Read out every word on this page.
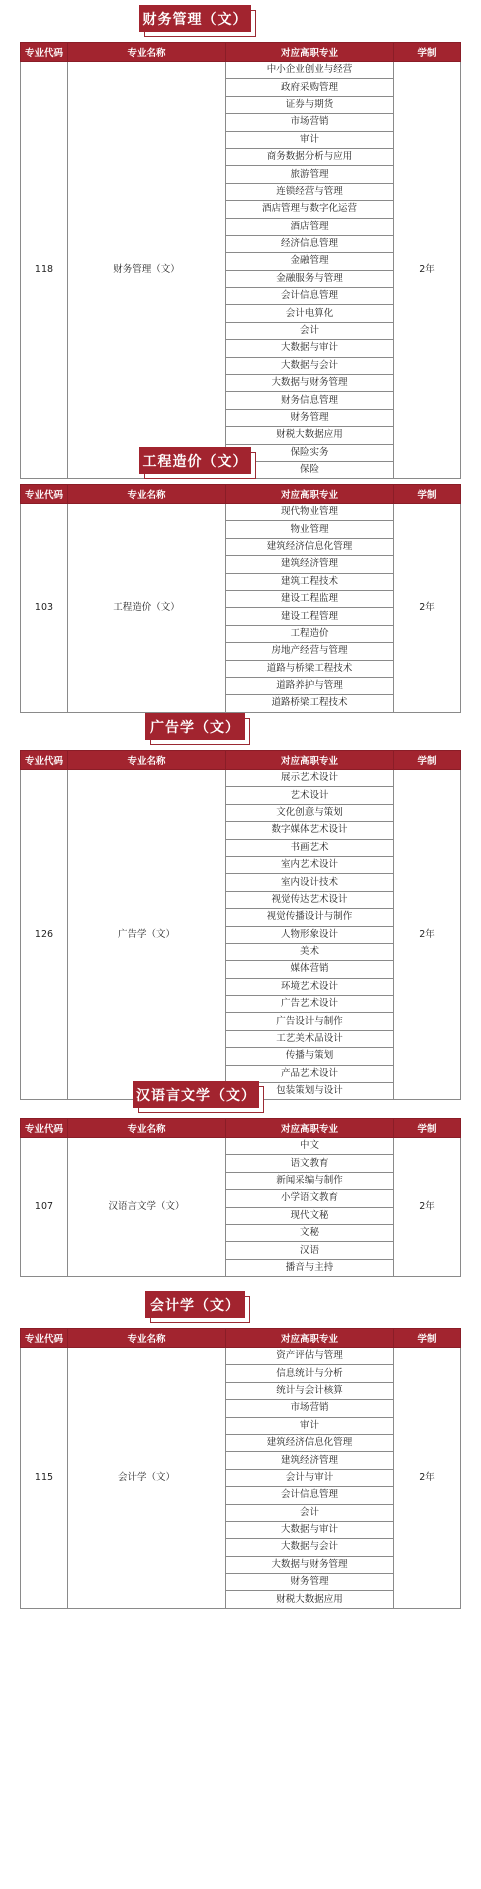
财务管理（文）
专业代码	专业名称	对应高职专业	学制
118	财务管理（文）	中小企业创业与经营	2年
		政府采购管理	
		证券与期货	
		市场营销	
		审计	
		商务数据分析与应用	
		旅游管理	
		连锁经营与管理	
		酒店管理与数字化运营	
		酒店管理	
		经济信息管理	
		金融管理	
		金融服务与管理	
		会计信息管理	
		会计电算化	
		会计	
		大数据与审计	
		大数据与会计	
		大数据与财务管理	
		财务信息管理	
		财务管理	
		财税大数据应用	
		保险实务	
		保险	
工程造价（文）
专业代码	专业名称	对应高职专业	学制
103	工程造价（文）	现代物业管理	2年
		物业管理	
		建筑经济信息化管理	
		建筑经济管理	
		建筑工程技术	
		建设工程监理	
		建设工程管理	
		工程造价	
		房地产经营与管理	
		道路与桥梁工程技术	
		道路养护与管理	
		道路桥梁工程技术	
广告学（文）
专业代码	专业名称	对应高职专业	学制
126	广告学（文）	展示艺术设计	2年
		艺术设计	
		文化创意与策划	
		数字媒体艺术设计	
		书画艺术	
		室内艺术设计	
		室内设计技术	
		视觉传达艺术设计	
		视觉传播设计与制作	
		人物形象设计	
		美术	
		媒体营销	
		环境艺术设计	
		广告艺术设计	
		广告设计与制作	
		工艺美术品设计	
		传播与策划	
		产品艺术设计	
		包装策划与设计	
汉语言文学（文）
专业代码	专业名称	对应高职专业	学制
107	汉语言文学（文）	中文	2年
		语文教育	
		新闻采编与制作	
		小学语文教育	
		现代文秘	
		文秘	
		汉语	
		播音与主持	
会计学（文）
专业代码	专业名称	对应高职专业	学制
115	会计学（文）	资产评估与管理	2年
		信息统计与分析	
		统计与会计核算	
		市场营销	
		审计	
		建筑经济信息化管理	
		建筑经济管理	
		会计与审计	
		会计信息管理	
		会计	
		大数据与审计	
		大数据与会计	
		大数据与财务管理	
		财务管理	
		财税大数据应用	
